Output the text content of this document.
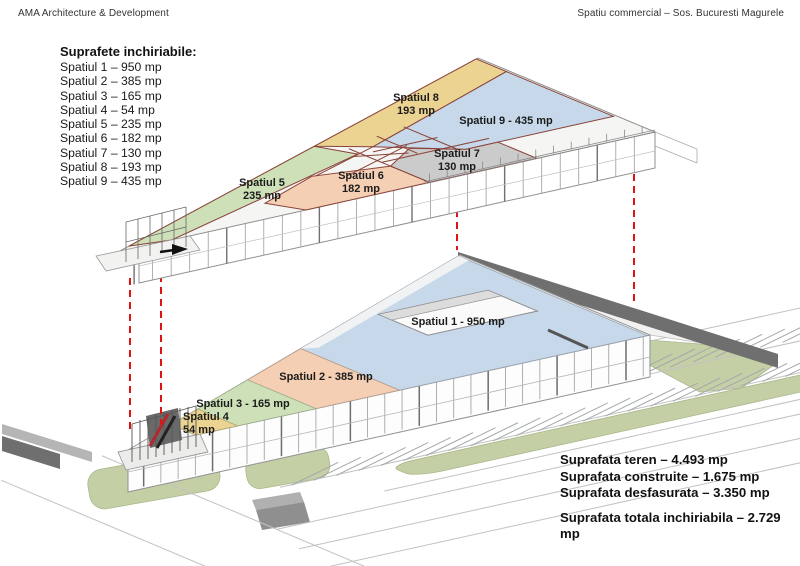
AMA Architecture & Development	Spatiu commercial – Sos. Bucuresti Magurele
Suprafete inchiriabile:
Spatiul 1 – 950 mp
Spatiul 2 – 385 mp
Spatiul 3 – 165 mp
Spatiul 4 – 54 mp
Spatiul 5 – 235 mp
Spatiul 6 – 182 mp
Spatiul 7 – 130 mp
Spatiul 8 – 193 mp
Spatiul 9 – 435 mp
Spatiul 1 - 950 mp
Spatiul 2 - 385 mp
Spatiul 3 - 165 mp
Spatiul 4
54 mp
Spatiul 5
235 mp
Spatiul 6
182 mp
Spatiul 7
130 mp
Spatiul 8
193 mp
Spatiul 9 - 435 mp
Suprafata teren – 4.493 mp
Suprafata construite – 1.675 mp
Suprafata desfasurata – 3.350 mp
Suprafata totala inchiriabila – 2.729 mp
